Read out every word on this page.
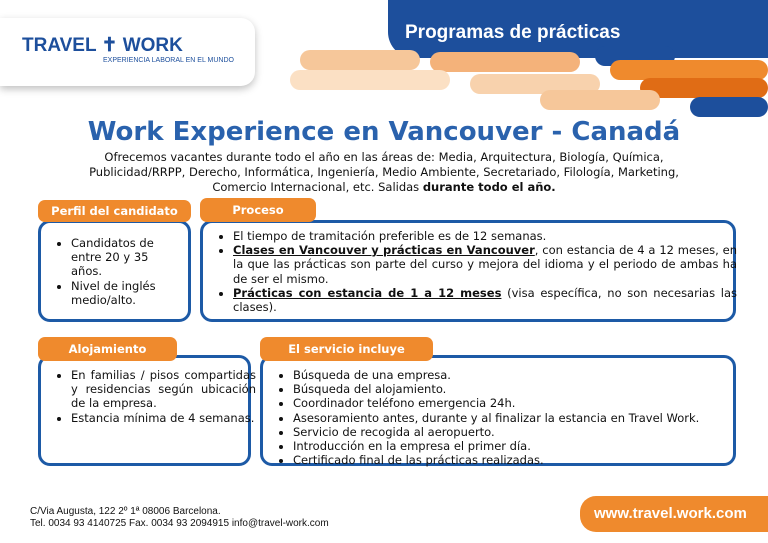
Programas de prácticas
TRAVEL ✝ WORK
EXPERIENCIA LABORAL EN EL MUNDO
Work Experience en Vancouver - Canadá
Ofrecemos vacantes durante todo el año en las áreas de: Media, Arquitectura, Biología, Química, Publicidad/RRPP, Derecho, Informática, Ingeniería, Medio Ambiente, Secretariado, Filología, Marketing, Comercio Internacional, etc. Salidas durante todo el año.
• Candidatos de entre 20 y 35 años.
• Nivel de inglés medio/alto.
Perfil del candidato
• El tiempo de tramitación preferible es de 12 semanas.
• Clases en Vancouver y prácticas en Vancouver, con estancia de 4 a 12 meses, en la que las prácticas son parte del curso y mejora del idioma y el periodo de ambas ha de ser el mismo.
• Prácticas con estancia de 1 a 12 meses (visa específica, no son necesarias las clases).
Proceso
• En familias / pisos compartidas y residencias según ubicación de la empresa.
• Estancia mínima de 4 semanas.
Alojamiento
• Búsqueda de una empresa.
• Búsqueda del alojamiento.
• Coordinador teléfono emergencia 24h.
• Asesoramiento antes, durante y al finalizar la estancia en Travel Work.
• Servicio de recogida al aeropuerto.
• Introducción en la empresa el primer día.
• Certificado final de las prácticas realizadas.
El servicio incluye
C/Via Augusta, 122 2º 1ª 08006 Barcelona.
Tel. 0034 93 4140725 Fax. 0034 93 2094915 info@travel-work.com
www.travel.work.com
